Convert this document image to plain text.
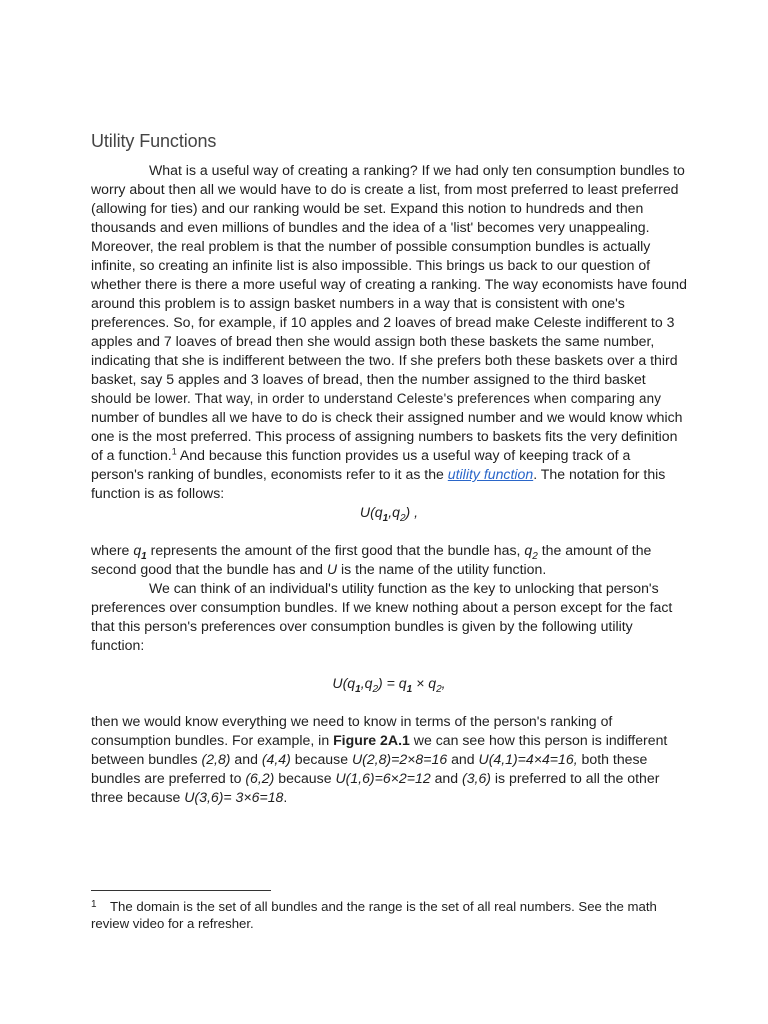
Utility Functions

What is a useful way of creating a ranking? If we had only ten consumption bundles to worry about then all we would have to do is create a list, from most preferred to least preferred (allowing for ties) and our ranking would be set. Expand this notion to hundreds and then thousands and even millions of bundles and the idea of a 'list' becomes very unappealing. Moreover, the real problem is that the number of possible consumption bundles is actually infinite, so creating an infinite list is also impossible. This brings us back to our question of whether there is there a more useful way of creating a ranking. The way economists have found around this problem is to assign basket numbers in a way that is consistent with one's preferences. So, for example, if 10 apples and 2 loaves of bread make Celeste indifferent to 3 apples and 7 loaves of bread then she would assign both these baskets the same number, indicating that she is indifferent between the two. If she prefers both these baskets over a third basket, say 5 apples and 3 loaves of bread, then the number assigned to the third basket should be lower. That way, in order to understand Celeste's preferences when comparing any number of bundles all we have to do is check their assigned number and we would know which one is the most preferred. This process of assigning numbers to baskets fits the very definition of a function.$^1$ And because this function provides us a useful way of keeping track of a person's ranking of bundles, economists refer to it as the utility function. The notation for this function is as follows:

$U(q_1,q_2)$ ,

where $q_1$ represents the amount of the first good that the bundle has, $q_2$ the amount of the second good that the bundle has and U is the name of the utility function.

We can think of an individual's utility function as the key to unlocking that person's preferences over consumption bundles. If we knew nothing about a person except for the fact that this person's preferences over consumption bundles is given by the following utility function:

$U(q_1,q_2) = q_1 \times q_2$,

then we would know everything we need to know in terms of the person's ranking of consumption bundles. For example, in Figure 2A.1 we can see how this person is indifferent between bundles (2,8) and (4,4) because U(2,8)=2×8=16 and U(4,1)=4×4=16, both these bundles are preferred to (6,2) because U(1,6)=6×2=12 and (3,6) is preferred to all the other three because U(3,6)= 3×6=18.

1 The domain is the set of all bundles and the range is the set of all real numbers. See the math review video for a refresher.
